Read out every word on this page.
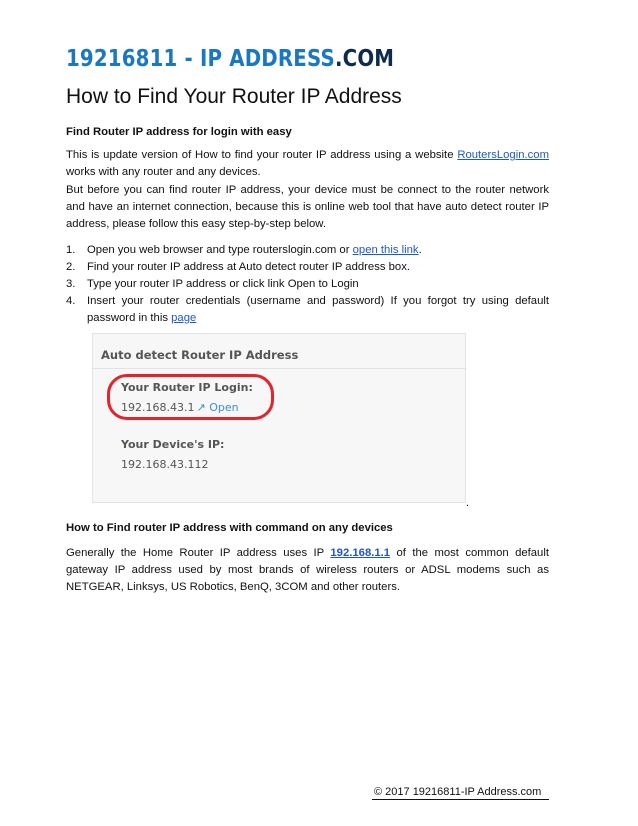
19216811 - IP ADDRESS.COM
How to Find Your Router IP Address

Find Router IP address for login with easy

This is update version of How to find your router IP address using a website RoutersLogin.com works with any router and any devices.

But before you can find router IP address, your device must be connect to the router network and have an internet connection, because this is online web tool that have auto detect router IP address, please follow this easy step-by-step below.

1. Open you web browser and type routerslogin.com or open this link.
2. Find your router IP address at Auto detect router IP address box.
3. Type your router IP address or click link Open to Login
4. Insert your router credentials (username and password) If you forgot try using default password in this page
Auto detect Router IP Address
Your Router IP Login:
192.168.43.1 ↗ Open
Your Device's IP:
192.168.43.112
.

How to Find router IP address with command on any devices

Generally the Home Router IP address uses IP 192.168.1.1 of the most common default gateway IP address used by most brands of wireless routers or ADSL modems such as NETGEAR, Linksys, US Robotics, BenQ, 3COM and other routers.

© 2017 19216811-IP Address.com
